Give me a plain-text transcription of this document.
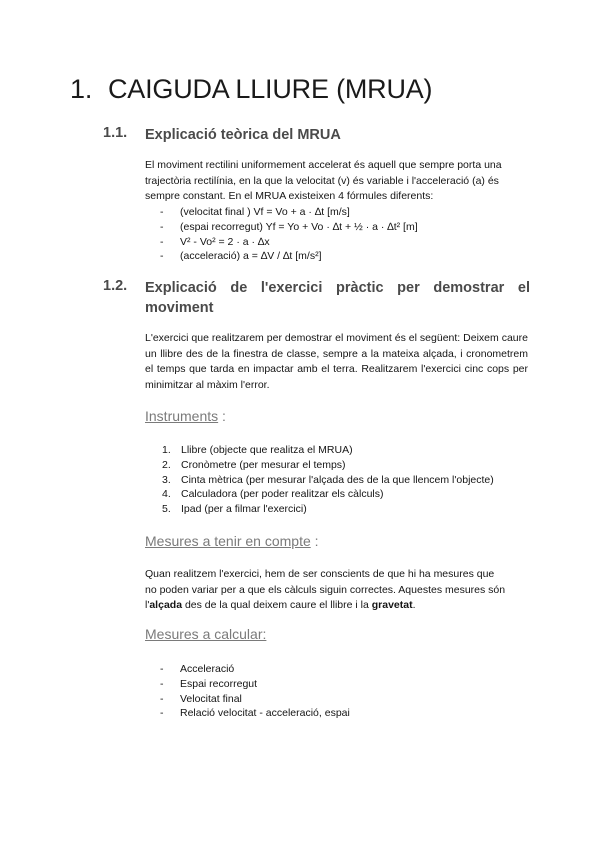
1. CAIGUDA LLIURE (MRUA)
1.1. Explicació teòrica del MRUA
El moviment rectilini uniformement accelerat és aquell que sempre porta una trajectòria rectilínia, en la que la velocitat (v) és variable i l'acceleració (a) és sempre constant. En el MRUA existeixen 4 fórmules diferents:
- (velocitat final ) Vf = Vo + a · ∆t [m/s]
- (espai recorregut) Yf = Yo + Vo · ∆t + ½ · a · ∆t² [m]
- V² - Vo² = 2 · a · ∆x
- (acceleració) a = ∆V / ∆t [m/s²]
1.2. Explicació de l'exercici pràctic per demostrar el
moviment
L'exercici que realitzarem per demostrar el moviment és el següent: Deixem caure un llibre des de la finestra de classe, sempre a la mateixa alçada, i cronometrem el temps que tarda en impactar amb el terra. Realitzarem l'exercici cinc cops per minimitzar al màxim l'error.
Instruments :
1. Llibre (objecte que realitza el MRUA)
2. Cronòmetre (per mesurar el temps)
3. Cinta mètrica (per mesurar l'alçada des de la que llencem l'objecte)
4. Calculadora (per poder realitzar els càlculs)
5. Ipad (per a filmar l'exercici)
Mesures a tenir en compte :
Quan realitzem l'exercici, hem de ser conscients de que hi ha mesures que
no poden variar per a que els càlculs siguin correctes. Aquestes mesures són
l'alçada des de la qual deixem caure el llibre i la gravetat.
Mesures a calcular:
- Acceleració
- Espai recorregut
- Velocitat final
- Relació velocitat - acceleració, espai
